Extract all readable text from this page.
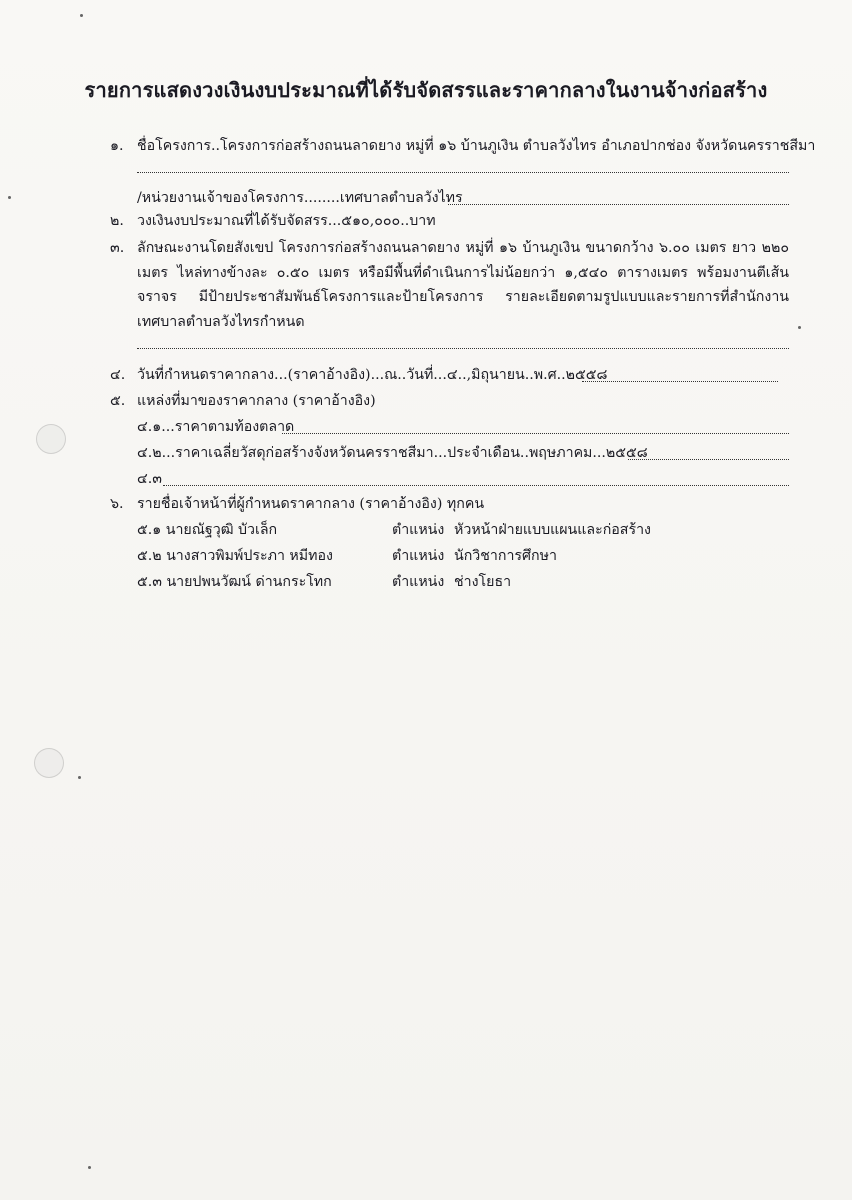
รายการแสดงวงเงินงบประมาณที่ได้รับจัดสรรและราคากลางในงานจ้างก่อสร้าง
๑. ชื่อโครงการ..โครงการก่อสร้างถนนลาดยาง หมู่ที่ ๑๖ บ้านภูเงิน ตำบลวังไทร อำเภอปากช่อง จังหวัดนครราชสีมา
/หน่วยงานเจ้าของโครงการ........เทศบาลตำบลวังไทร
๒. วงเงินงบประมาณที่ได้รับจัดสรร...๕๑๐,๐๐๐..บาท
๓. ลักษณะงานโดยสังเขป โครงการก่อสร้างถนนลาดยาง หมู่ที่ ๑๖ บ้านภูเงิน ขนาดกว้าง ๖.๐๐ เมตร ยาว ๒๒๐ เมตร ไหล่ทางข้างละ ๐.๕๐ เมตร หรือมีพื้นที่ดำเนินการไม่น้อยกว่า ๑,๕๔๐ ตารางเมตร พร้อมงานตีเส้นจราจร มีป้ายประชาสัมพันธ์โครงการและป้ายโครงการ รายละเอียดตามรูปแบบและรายการที่สำนักงานเทศบาลตำบลวังไทรกำหนด
๔. วันที่กำหนดราคากลาง...(ราคาอ้างอิง)...ณ..วันที่...๔..,มิถุนายน..พ.ศ..๒๕๕๘
๕. แหล่งที่มาของราคากลาง (ราคาอ้างอิง)
๔.๑...ราคาตามท้องตลาด
๔.๒...ราคาเฉลี่ยวัสดุก่อสร้างจังหวัดนครราชสีมา...ประจำเดือน..พฤษภาคม...๒๕๕๘
๔.๓
๖. รายชื่อเจ้าหน้าที่ผู้กำหนดราคากลาง (ราคาอ้างอิง) ทุกคน
๕.๑ นายณัฐวุฒิ บัวเล็ก	ตำแหน่ง หัวหน้าฝ่ายแบบแผนและก่อสร้าง
๕.๒ นางสาวพิมพ์ประภา หมีทอง	ตำแหน่ง นักวิชาการศึกษา
๕.๓ นายปพนวัฒน์ ด่านกระโทก	ตำแหน่ง ช่างโยธา
